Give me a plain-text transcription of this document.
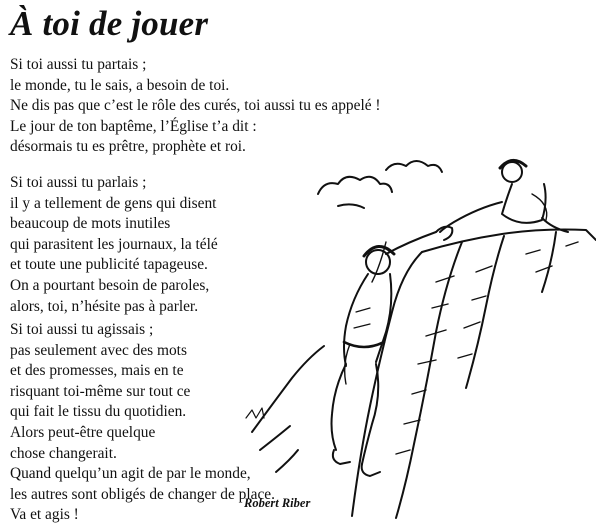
À toi de jouer
Si toi aussi tu partais ;
le monde, tu le sais, a besoin de toi.
Ne dis pas que c’est le rôle des curés, toi aussi tu es appelé !
Le jour de ton baptême, l’Église t’a dit :
désormais tu es prêtre, prophète et roi.
Si toi aussi tu parlais ;
il y a tellement de gens qui disent
beaucoup de mots inutiles
qui parasitent les journaux, la télé
et toute une publicité tapageuse.
On a pourtant besoin de paroles,
alors, toi, n’hésite pas à parler.
Si toi aussi tu agissais ;
pas seulement avec des mots
et des promesses, mais en te
risquant toi-même sur tout ce
qui fait le tissu du quotidien.
Alors peut-être quelque
chose changerait.
Quand quelqu’un agit de par le monde,
les autres sont obligés de changer de place.
Va et agis !
Robert Riber
